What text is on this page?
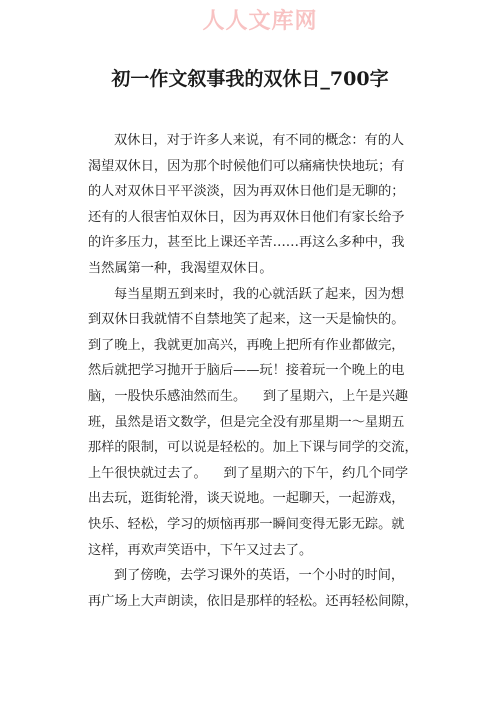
人人文库网
初一作文叙事我的双休日_700字
双休日，对于许多人来说，有不同的概念：有的人
渴望双休日，因为那个时候他们可以痛痛快快地玩；有
的人对双休日平平淡淡，因为再双休日他们是无聊的；
还有的人很害怕双休日，因为再双休日他们有家长给予
的许多压力，甚至比上课还辛苦……再这么多种中，我
当然属第一种，我渴望双休日。
每当星期五到来时，我的心就活跃了起来，因为想
到双休日我就情不自禁地笑了起来，这一天是愉快的。
到了晚上，我就更加高兴，再晚上把所有作业都做完，
然后就把学习抛开于脑后——玩！接着玩一个晚上的电
脑，一股快乐感油然而生。    到了星期六，上午是兴趣
班，虽然是语文数学，但是完全没有那星期一～星期五
那样的限制，可以说是轻松的。加上下课与同学的交流，
上午很快就过去了。    到了星期六的下午，约几个同学
出去玩，逛街轮滑，谈天说地。一起聊天，一起游戏，
快乐、轻松，学习的烦恼再那一瞬间变得无影无踪。就
这样，再欢声笑语中，下午又过去了。
到了傍晚，去学习课外的英语，一个小时的时间，
再广场上大声朗读，依旧是那样的轻松。还再轻松间隙，
